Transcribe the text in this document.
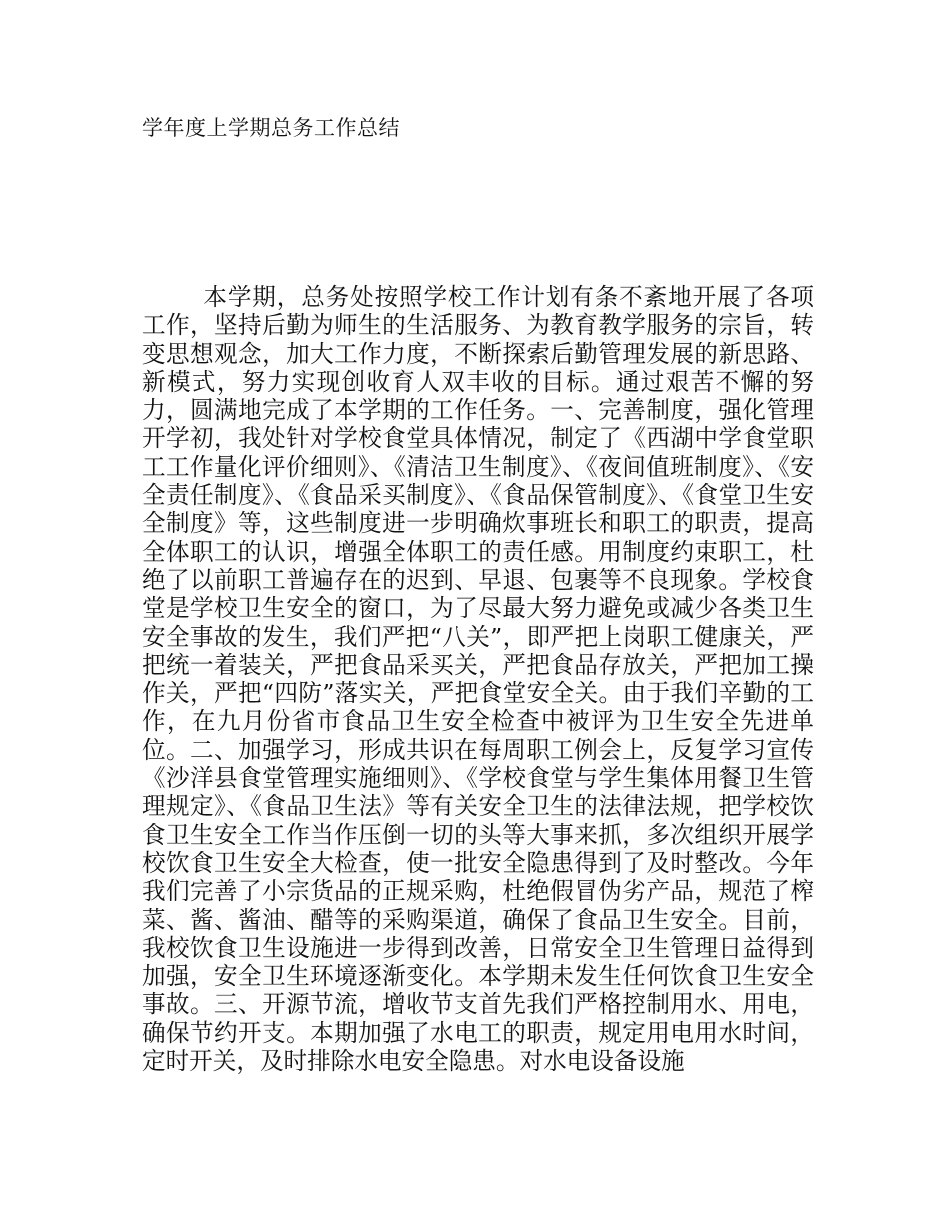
学年度上学期总务工作总结

本学期，总务处按照学校工作计划有条不紊地开展了各项工作，坚持后勤为师生的生活服务、为教育教学服务的宗旨，转变思想观念，加大工作力度，不断探索后勤管理发展的新思路、新模式，努力实现创收育人双丰收的目标。通过艰苦不懈的努力，圆满地完成了本学期的工作任务。一、完善制度，强化管理开学初，我处针对学校食堂具体情况，制定了《西湖中学食堂职工工作量化评价细则》、《清洁卫生制度》、《夜间值班制度》、《安全责任制度》、《食品采买制度》、《食品保管制度》、《食堂卫生安全制度》等，这些制度进一步明确炊事班长和职工的职责，提高全体职工的认识，增强全体职工的责任感。用制度约束职工，杜绝了以前职工普遍存在的迟到、早退、包裹等不良现象。学校食堂是学校卫生安全的窗口，为了尽最大努力避免或减少各类卫生安全事故的发生，我们严把“八关”，即严把上岗职工健康关，严把统一着装关，严把食品采买关，严把食品存放关，严把加工操作关，严把“四防”落实关，严把食堂安全关。由于我们辛勤的工作，在九月份省市食品卫生安全检查中被评为卫生安全先进单位。二、加强学习，形成共识在每周职工例会上，反复学习宣传《沙洋县食堂管理实施细则》、《学校食堂与学生集体用餐卫生管理规定》、《食品卫生法》等有关安全卫生的法律法规，把学校饮食卫生安全工作当作压倒一切的头等大事来抓，多次组织开展学校饮食卫生安全大检查，使一批安全隐患得到了及时整改。今年我们完善了小宗货品的正规采购，杜绝假冒伪劣产品，规范了榨菜、酱、酱油、醋等的采购渠道，确保了食品卫生安全。目前，我校饮食卫生设施进一步得到改善，日常安全卫生管理日益得到加强，安全卫生环境逐渐变化。本学期未发生任何饮食卫生安全事故。三、开源节流，增收节支首先我们严格控制用水、用电，确保节约开支。本期加强了水电工的职责，规定用电用水时间，定时开关，及时排除水电安全隐患。对水电设备设施
